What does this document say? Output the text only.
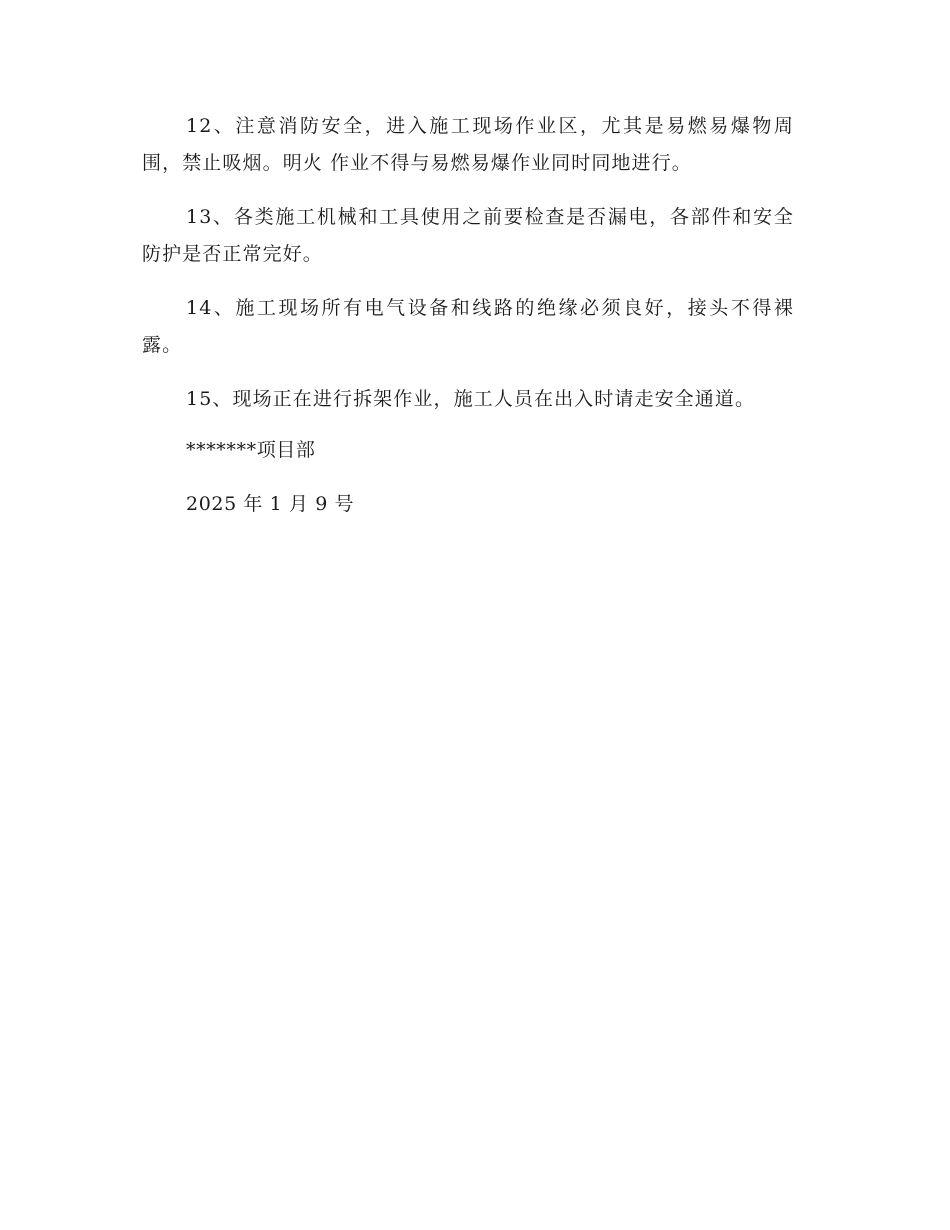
12、注意消防安全，进入施工现场作业区，尤其是易燃易爆物周围，禁止吸烟。明火 作业不得与易燃易爆作业同时同地进行。

13、各类施工机械和工具使用之前要检查是否漏电，各部件和安全防护是否正常完好。

14、施工现场所有电气设备和线路的绝缘必须良好，接头不得裸露。

15、现场正在进行拆架作业，施工人员在出入时请走安全通道。

*******项目部

2025 年 1 月 9 号
